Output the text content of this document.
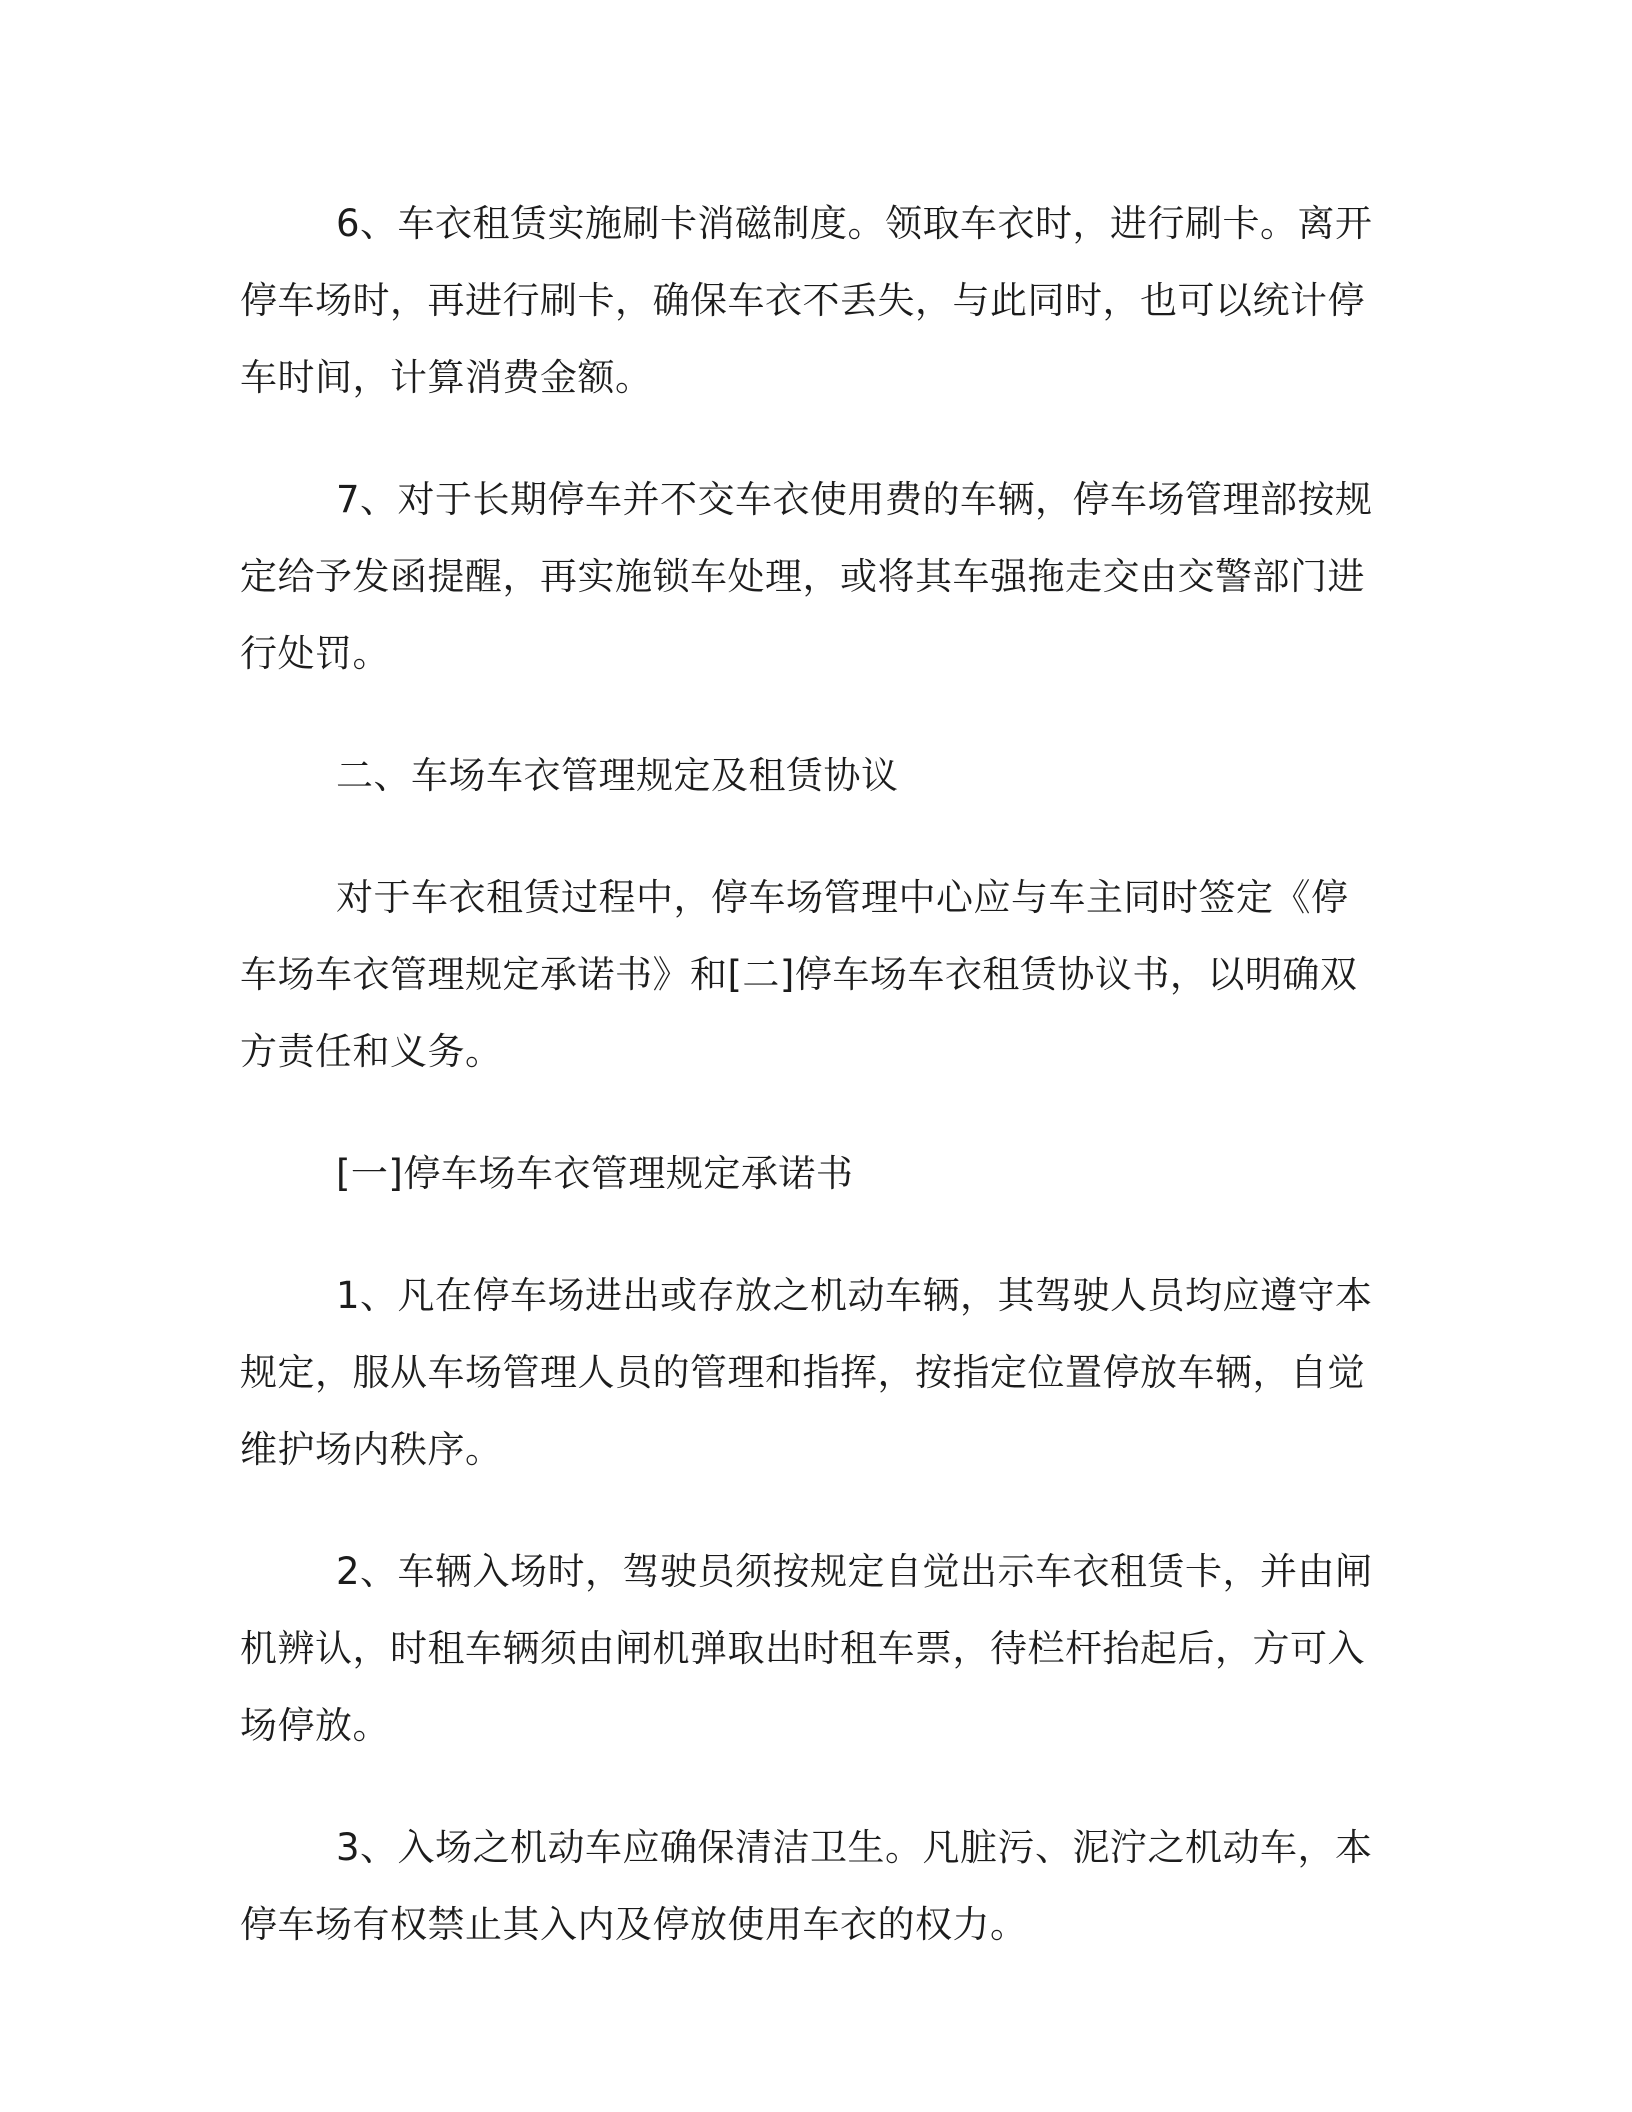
6、车衣租赁实施刷卡消磁制度。领取车衣时，进行刷卡。离开停车场时，再进行刷卡，确保车衣不丢失，与此同时，也可以统计停车时间，计算消费金额。

7、对于长期停车并不交车衣使用费的车辆，停车场管理部按规定给予发函提醒，再实施锁车处理，或将其车强拖走交由交警部门进行处罚。

二、车场车衣管理规定及租赁协议

对于车衣租赁过程中，停车场管理中心应与车主同时签定《停车场车衣管理规定承诺书》和[二]停车场车衣租赁协议书，以明确双方责任和义务。

[一]停车场车衣管理规定承诺书

1、凡在停车场进出或存放之机动车辆，其驾驶人员均应遵守本规定，服从车场管理人员的管理和指挥，按指定位置停放车辆，自觉维护场内秩序。

2、车辆入场时，驾驶员须按规定自觉出示车衣租赁卡，并由闸机辨认，时租车辆须由闸机弹取出时租车票，待栏杆抬起后，方可入场停放。

3、入场之机动车应确保清洁卫生。凡脏污、泥泞之机动车，本停车场有权禁止其入内及停放使用车衣的权力。
